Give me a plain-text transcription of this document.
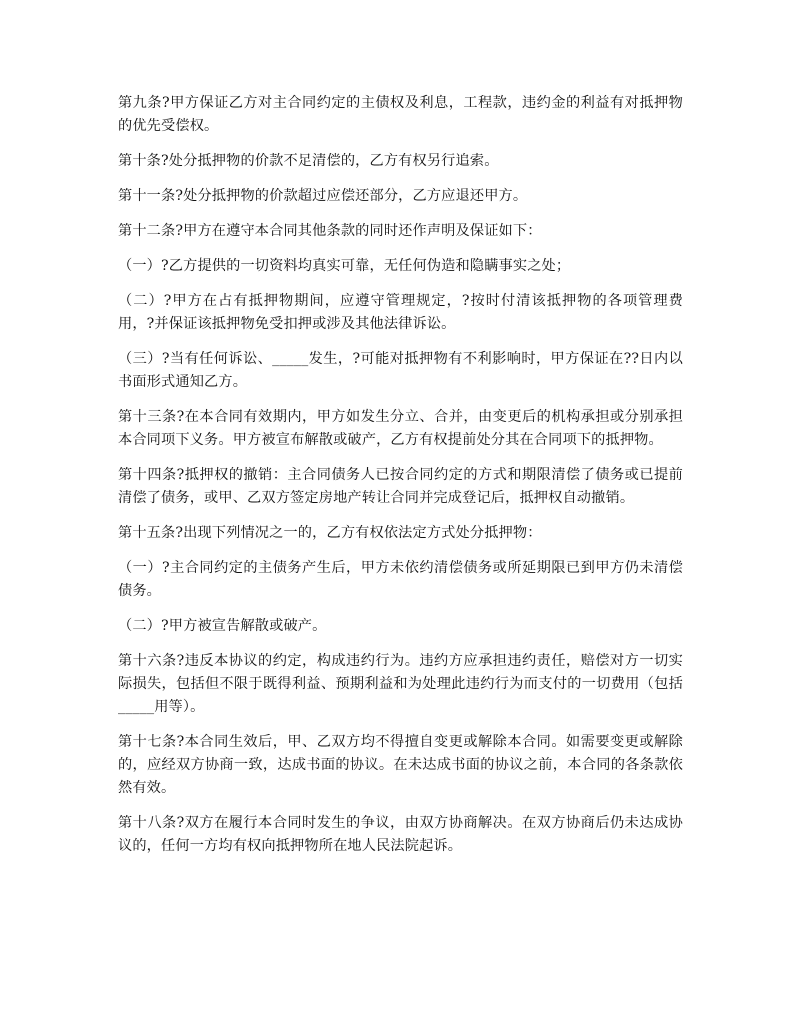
第九条?甲方保证乙方对主合同约定的主债权及利息，工程款，违约金的利益有对抵押物的优先受偿权。

第十条?处分抵押物的价款不足清偿的，乙方有权另行追索。

第十一条?处分抵押物的价款超过应偿还部分，乙方应退还甲方。

第十二条?甲方在遵守本合同其他条款的同时还作声明及保证如下：

（一）?乙方提供的一切资料均真实可靠，无任何伪造和隐瞒事实之处；

（二）?甲方在占有抵押物期间，应遵守管理规定，?按时付清该抵押物的各项管理费用，?并保证该抵押物免受扣押或涉及其他法律诉讼。

（三）?当有任何诉讼、_____发生，?可能对抵押物有不利影响时，甲方保证在??日内以书面形式通知乙方。

第十三条?在本合同有效期内，甲方如发生分立、合并，由变更后的机构承担或分别承担本合同项下义务。甲方被宣布解散或破产，乙方有权提前处分其在合同项下的抵押物。

第十四条?抵押权的撤销：主合同债务人已按合同约定的方式和期限清偿了债务或已提前清偿了债务，或甲、乙双方签定房地产转让合同并完成登记后，抵押权自动撤销。

第十五条?出现下列情况之一的，乙方有权依法定方式处分抵押物：

（一）?主合同约定的主债务产生后，甲方未依约清偿债务或所延期限已到甲方仍未清偿债务。

（二）?甲方被宣告解散或破产。

第十六条?违反本协议的约定，构成违约行为。违约方应承担违约责任，赔偿对方一切实际损失，包括但不限于既得利益、预期利益和为处理此违约行为而支付的一切费用（包括_____用等）。

第十七条?本合同生效后，甲、乙双方均不得擅自变更或解除本合同。如需要变更或解除的，应经双方协商一致，达成书面的协议。在未达成书面的协议之前，本合同的各条款依然有效。

第十八条?双方在履行本合同时发生的争议，由双方协商解决。在双方协商后仍未达成协议的，任何一方均有权向抵押物所在地人民法院起诉。
